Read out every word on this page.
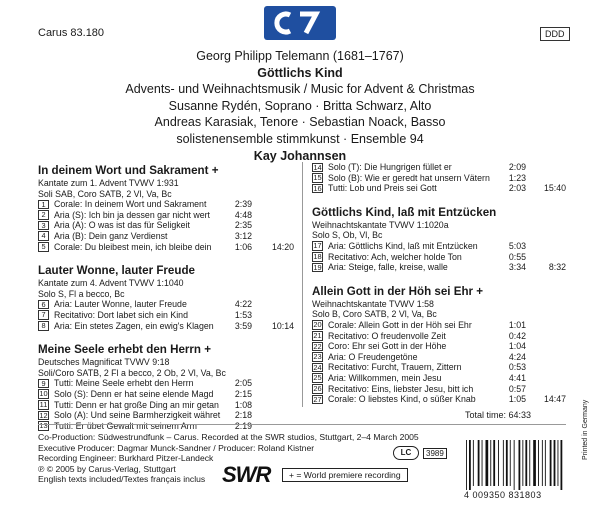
Carus 83.180	DDD
Georg Philipp Telemann (1681–1767)
Göttlichs Kind
Advents- und Weihnachtsmusik / Music for Advent & Christmas
Susanne Rydén, Soprano · Britta Schwarz, Alto
Andreas Karasiak, Tenore · Sebastian Noack, Basso
solistenensemble stimmkunst · Ensemble 94
Kay Johannsen
In deinem Wort und Sakrament +
Kantate zum 1. Advent TVWV 1:931
Soli SAB, Coro SATB, 2 Vl, Va, Bc
1 Corale: In deinem Wort und Sakrament	2:39
2 Aria (S): Ich bin ja dessen gar nicht wert	4:48
3 Aria (A): O was ist das für Seligkeit	2:35
4 Aria (B): Dein ganz Verdienst	3:12
5 Corale: Du bleibest mein, ich bleibe dein	1:06	14:20
Lauter Wonne, lauter Freude
Kantate zum 4. Advent TVWV 1:1040
Solo S, Fl a becco, Bc
6 Aria: Lauter Wonne, lauter Freude	4:22
7 Recitativo: Dort labet sich ein Kind	1:53
8 Aria: Ein stetes Zagen, ein ewig's Klagen	3:59	10:14
Meine Seele erhebt den Herrn +
Deutsches Magnificat TVWV 9:18
Soli/Coro SATB, 2 Fl a becco, 2 Ob, 2 Vl, Va, Bc
9 Tutti: Meine Seele erhebt den Herrn	2:05
10 Solo (S): Denn er hat seine elende Magd	2:15
11 Tutti: Denn er hat große Ding an mir getan	1:08
12 Solo (A): Und seine Barmherzigkeit währet	2:18
13 Tutti: Er übet Gewalt mit seinem Arm	2:19
14 Solo (T): Die Hungrigen füllet er	2:09
15 Solo (B): Wie er geredt hat unsern Vätern	1:23
16 Tutti: Lob und Preis sei Gott	2:03	15:40
Göttlichs Kind, laß mit Entzücken
Weihnachtskantate TVWV 1:1020a
Solo S, Ob, Vl, Bc
17 Aria: Göttlichs Kind, laß mit Entzücken	5:03
18 Recitativo: Ach, welcher holde Ton	0:55
19 Aria: Steige, falle, kreise, walle	3:34	8:32
Allein Gott in der Höh sei Ehr +
Weihnachtskantate TVWV 1:58
Solo B, Coro SATB, 2 Vl, Va, Bc
20 Corale: Allein Gott in der Höh sei Ehr	1:01
21 Recitativo: O freudenvolle Zeit	0:42
22 Coro: Ehr sei Gott in der Höhe	1:04
23 Aria: O Freudengetöne	4:24
24 Recitativo: Furcht, Trauern, Zittern	0:53
25 Aria: Willkommen, mein Jesu	4:41
26 Recitativo: Eins, liebster Jesu, bitt ich	0:57
27 Corale: O liebstes Kind, o süßer Knab	1:05	14:47
Total time: 64:33
Co-Production: Südwestrundfunk – Carus. Recorded at the SWR studios, Stuttgart, 2–4 March 2005
Executive Producer: Dagmar Munck-Sandner / Producer: Roland Kistner
Recording Engineer: Burkhard Pitzer-Landeck
℗ © 2005 by Carus-Verlag, Stuttgart
English texts included/Textes français inclus
LC	3989
SWR	+ = World premiere recording
4 009350 831803
Printed in Germany
